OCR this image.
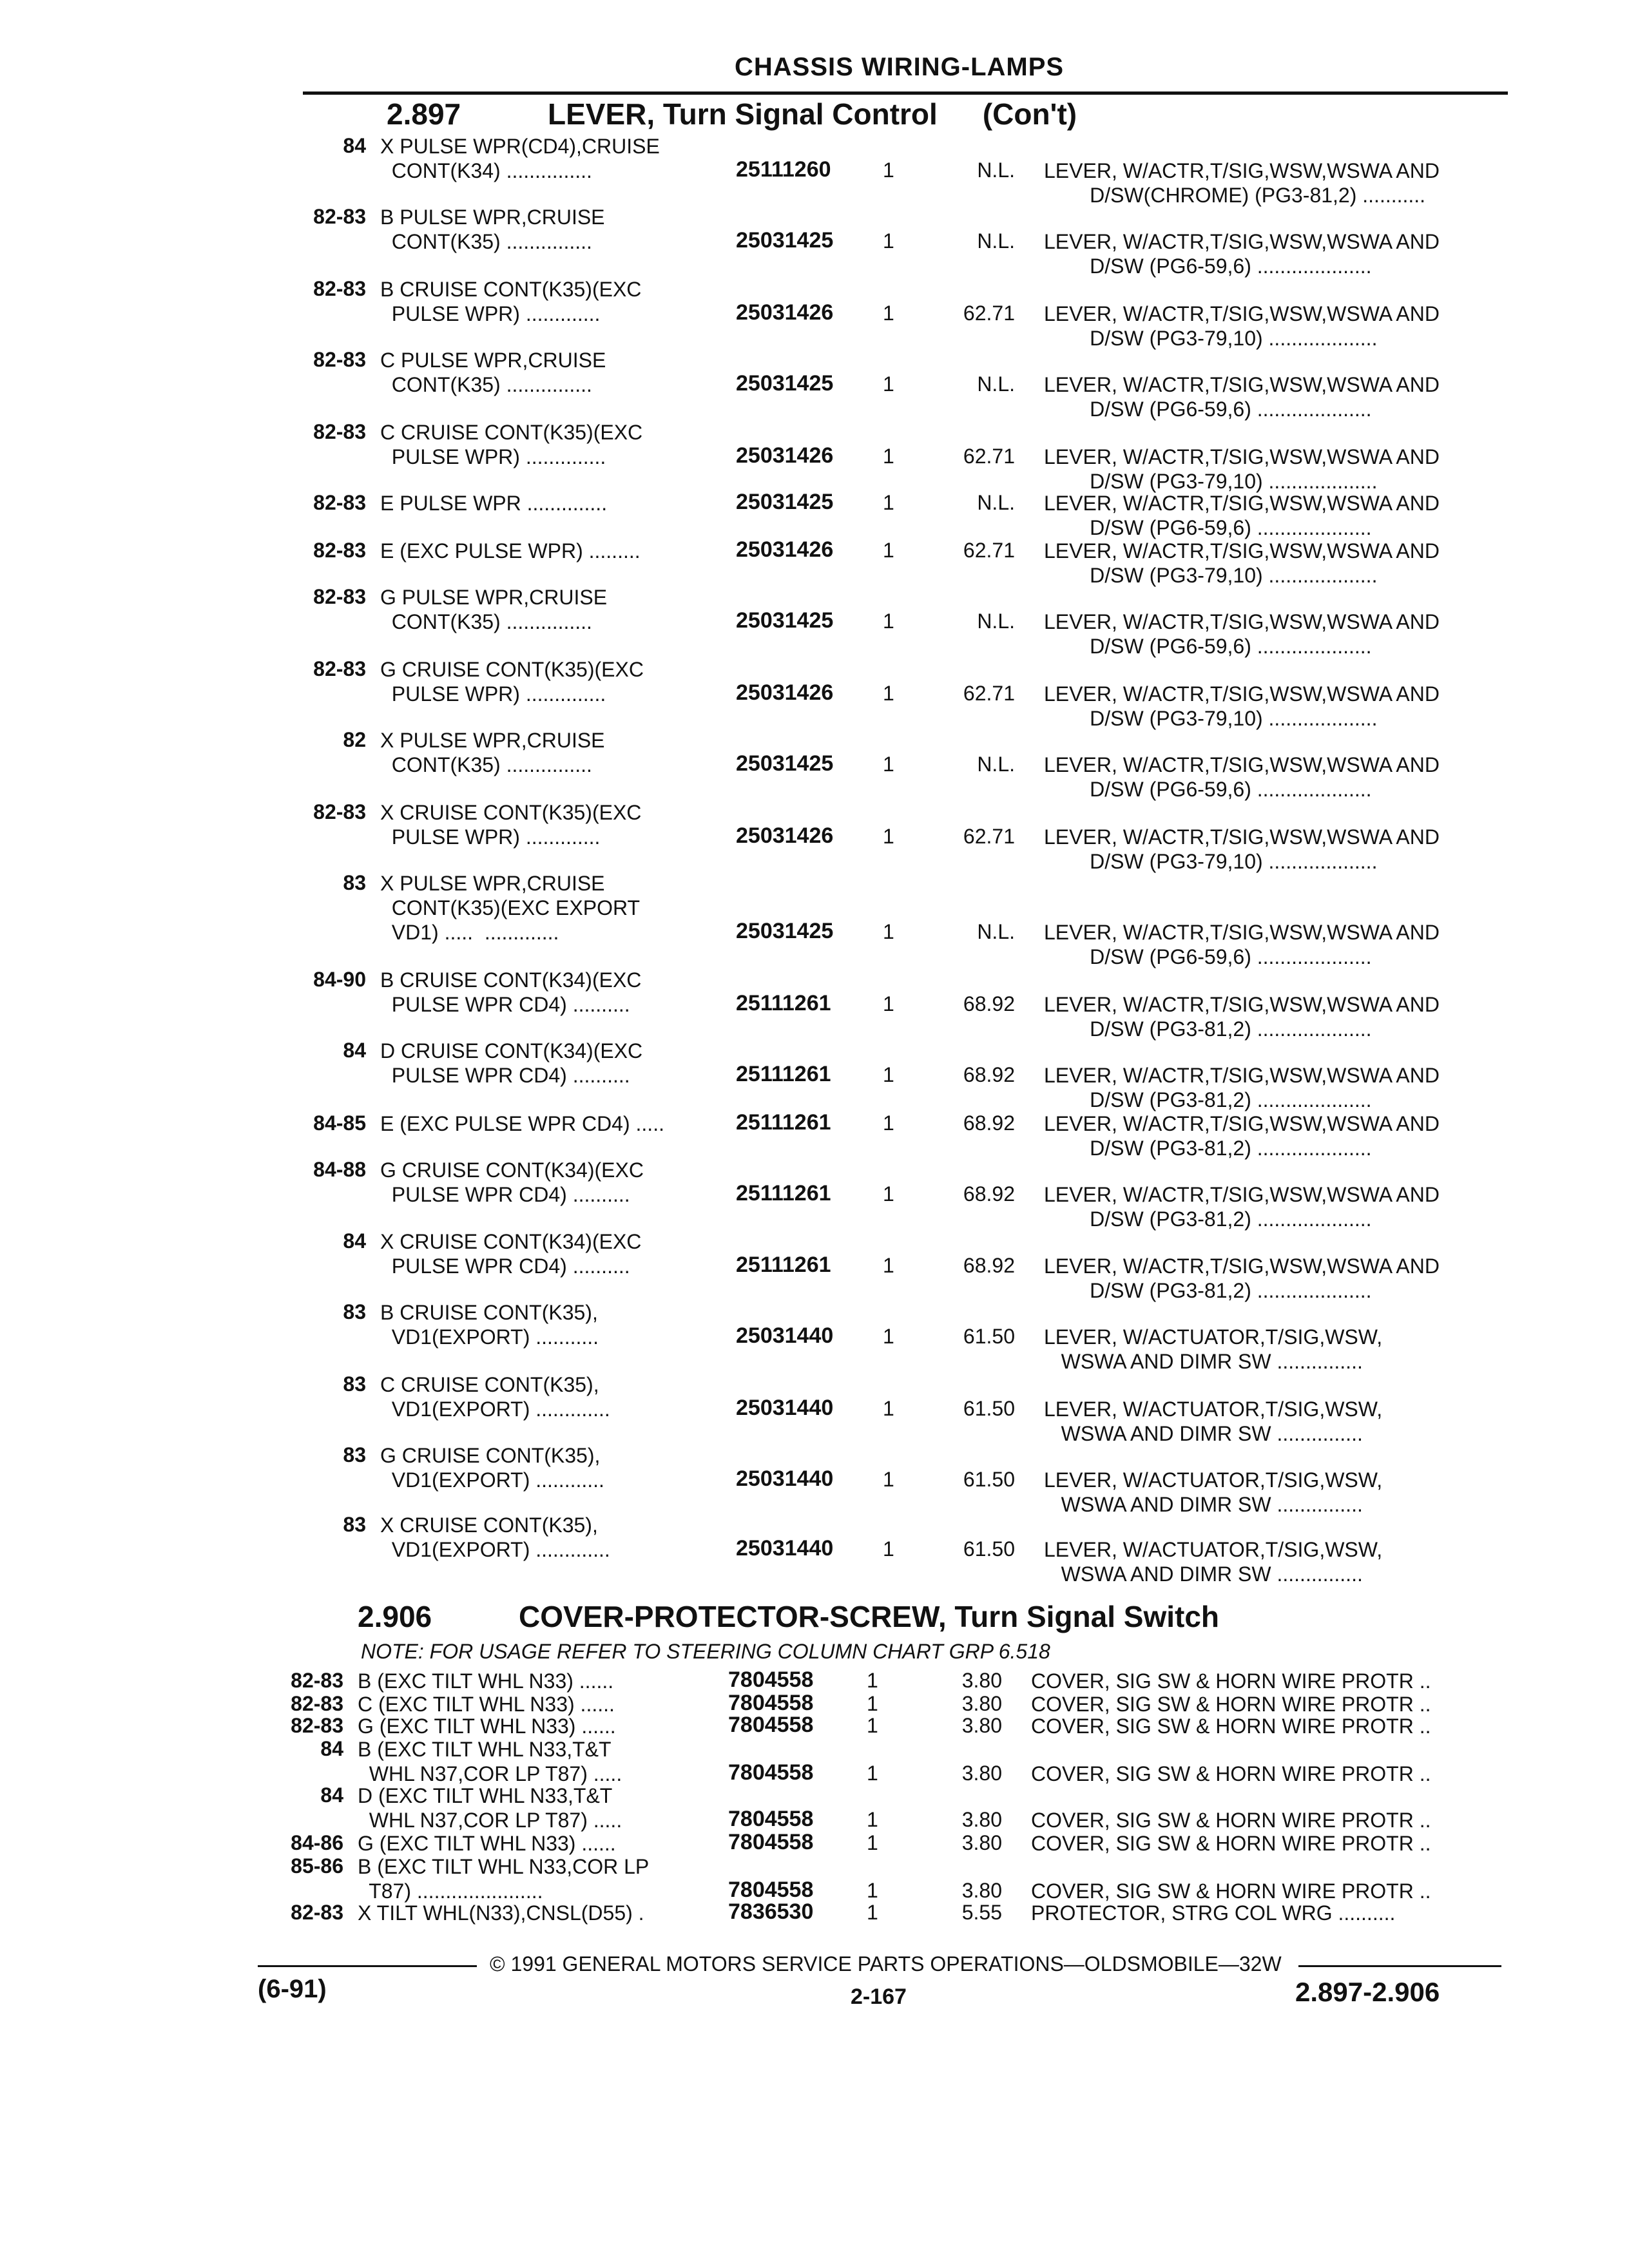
CHASSIS WIRING-LAMPS
2.897	LEVER, Turn Signal Control (Con't)
84 X PULSE WPR(CD4),CRUISE
CONT(K34) ...............	25111260	1	N.L. LEVER, W/ACTR,T/SIG,WSW,WSWA AND
D/SW(CHROME) (PG3-81,2) ...........
82-83 B PULSE WPR,CRUISE
CONT(K35) ...............	25031425 1	N.L. LEVER, W/ACTR,T/SIG,WSW,WSWA AND
D/SW (PG6-59,6) ....................
82-83 B CRUISE CONT(K35)(EXC
PULSE WPR) .............	25031426 1	62.71 LEVER, W/ACTR,T/SIG,WSW,WSWA AND
D/SW (PG3-79,10) ...................
82-83 C PULSE WPR,CRUISE
CONT(K35) ...............	25031425 1	N.L. LEVER, W/ACTR,T/SIG,WSW,WSWA AND
D/SW (PG6-59,6) ....................
82-83 C CRUISE CONT(K35)(EXC
PULSE WPR) ..............	25031426 1	62.71 LEVER, W/ACTR,T/SIG,WSW,WSWA AND
D/SW (PG3-79,10) ...................
82-83 E PULSE WPR ..............	25031425 1	N.L. LEVER, W/ACTR,T/SIG,WSW,WSWA AND
D/SW (PG6-59,6) ....................
82-83 E (EXC PULSE WPR) .........	25031426 1	62.71 LEVER, W/ACTR,T/SIG,WSW,WSWA AND
D/SW (PG3-79,10) ...................
82-83 G PULSE WPR,CRUISE
CONT(K35) ...............	25031425 1	N.L. LEVER, W/ACTR,T/SIG,WSW,WSWA AND
D/SW (PG6-59,6) ....................
82-83 G CRUISE CONT(K35)(EXC
PULSE WPR) ..............	25031426 1	62.71 LEVER, W/ACTR,T/SIG,WSW,WSWA AND
D/SW (PG3-79,10) ...................
82 X PULSE WPR,CRUISE
CONT(K35) ...............	25031425 1	N.L. LEVER, W/ACTR,T/SIG,WSW,WSWA AND
D/SW (PG6-59,6) ....................
82-83 X CRUISE CONT(K35)(EXC
PULSE WPR) .............	25031426 1	62.71 LEVER, W/ACTR,T/SIG,WSW,WSWA AND
D/SW (PG3-79,10) ...................
83 X PULSE WPR,CRUISE
CONT(K35)(EXC EXPORT
VD1) .....  .............	25031425 1	N.L. LEVER, W/ACTR,T/SIG,WSW,WSWA AND
D/SW (PG6-59,6) ....................
84-90 B CRUISE CONT(K34)(EXC
PULSE WPR CD4) ..........	25111261	1	68.92 LEVER, W/ACTR,T/SIG,WSW,WSWA AND
D/SW (PG3-81,2) ....................
84 D CRUISE CONT(K34)(EXC
PULSE WPR CD4) ..........	25111261	1	68.92 LEVER, W/ACTR,T/SIG,WSW,WSWA AND
D/SW (PG3-81,2) ....................
84-85 E (EXC PULSE WPR CD4) .....	25111261	1	68.92 LEVER, W/ACTR,T/SIG,WSW,WSWA AND
D/SW (PG3-81,2) ....................
84-88 G CRUISE CONT(K34)(EXC
PULSE WPR CD4) ..........	25111261	1	68.92 LEVER, W/ACTR,T/SIG,WSW,WSWA AND
D/SW (PG3-81,2) ....................
84 X CRUISE CONT(K34)(EXC
PULSE WPR CD4) ..........	25111261	1	68.92 LEVER, W/ACTR,T/SIG,WSW,WSWA AND
D/SW (PG3-81,2) ....................
83 B CRUISE CONT(K35),
VD1(EXPORT) ...........	25031440 1	61.50 LEVER, W/ACTUATOR,T/SIG,WSW,
WSWA AND DIMR SW ...............
83 C CRUISE CONT(K35),
VD1(EXPORT) .............	25031440 1	61.50 LEVER, W/ACTUATOR,T/SIG,WSW,
WSWA AND DIMR SW ...............
83 G CRUISE CONT(K35),
VD1(EXPORT) ............	25031440 1	61.50 LEVER, W/ACTUATOR,T/SIG,WSW,
WSWA AND DIMR SW ...............
83 X CRUISE CONT(K35),
VD1(EXPORT) .............	25031440 1	61.50 LEVER, W/ACTUATOR,T/SIG,WSW,
WSWA AND DIMR SW ...............
2.906	COVER-PROTECTOR-SCREW, Turn Signal Switch
NOTE: FOR USAGE REFER TO STEERING COLUMN CHART GRP 6.518
82-83 B (EXC TILT WHL N33) ......	7804558	1	3.80 COVER, SIG SW & HORN WIRE PROTR ..
82-83 C (EXC TILT WHL N33) ......	7804558	1	3.80 COVER, SIG SW & HORN WIRE PROTR ..
82-83 G (EXC TILT WHL N33) ......	7804558	1	3.80 COVER, SIG SW & HORN WIRE PROTR ..
84 B (EXC TILT WHL N33,T&T
WHL N37,COR LP T87) .....	7804558	1	3.80 COVER, SIG SW & HORN WIRE PROTR ..
84 D (EXC TILT WHL N33,T&T
WHL N37,COR LP T87) .....	7804558	1	3.80 COVER, SIG SW & HORN WIRE PROTR ..
84-86 G (EXC TILT WHL N33) ......	7804558	1	3.80 COVER, SIG SW & HORN WIRE PROTR ..
85-86 B (EXC TILT WHL N33,COR LP
T87) ......................	7804558	1	3.80 COVER, SIG SW & HORN WIRE PROTR ..
82-83 X TILT WHL(N33),CNSL(D55) .	7836530	1	5.55 PROTECTOR, STRG COL WRG ..........
© 1991 GENERAL MOTORS SERVICE PARTS OPERATIONS—OLDSMOBILE—32W
(6-91)	2-167	2.897-2.906
